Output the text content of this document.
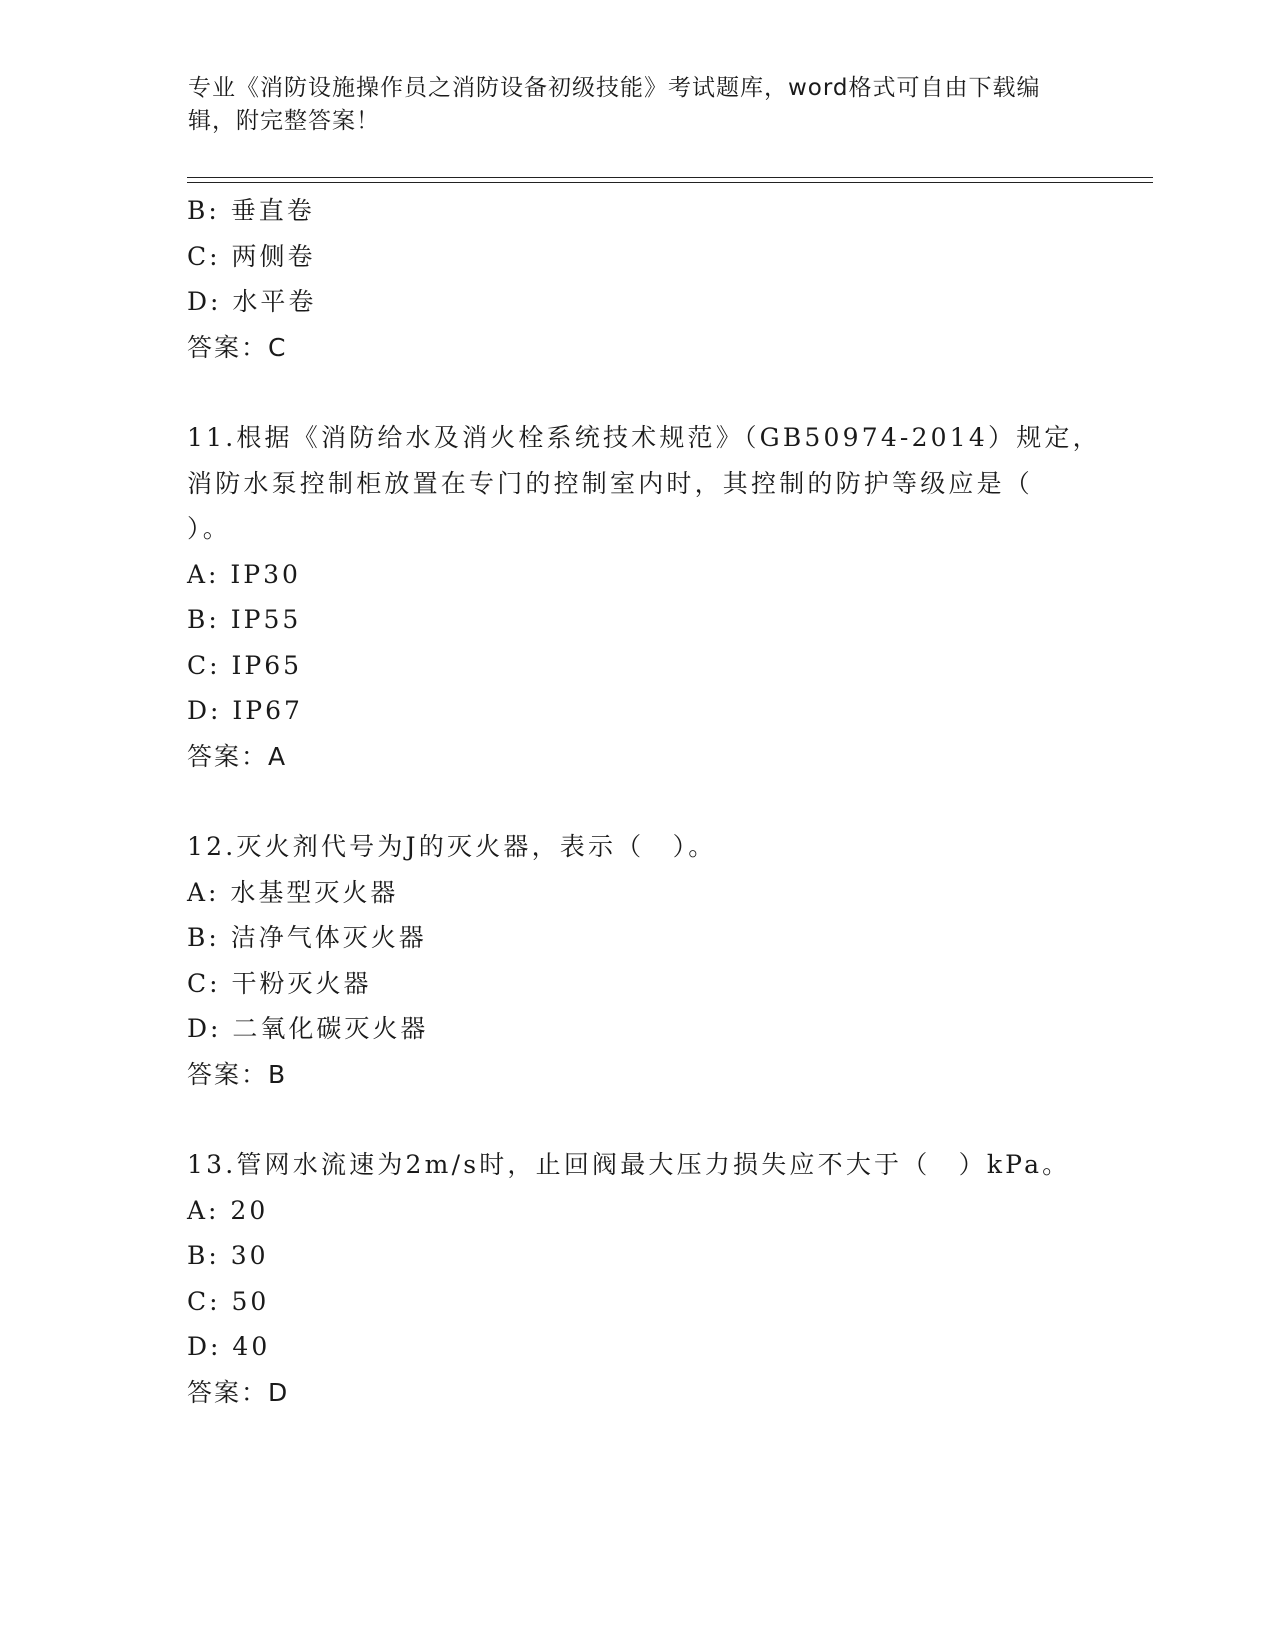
专业《消防设施操作员之消防设备初级技能》考试题库，word格式可自由下载编
辑，附完整答案！
B: 垂直卷
C: 两侧卷
D: 水平卷
答案：C
11.根据《消防给水及消火栓系统技术规范》（GB50974-2014）规定，
消防水泵控制柜放置在专门的控制室内时，其控制的防护等级应是（
）。
A: IP30
B: IP55
C: IP65
D: IP67
答案：A
12.灭火剂代号为J的灭火器，表示（　）。
A: 水基型灭火器
B: 洁净气体灭火器
C: 干粉灭火器
D: 二氧化碳灭火器
答案：B
13.管网水流速为2m/s时，止回阀最大压力损失应不大于（　）kPa。
A: 20
B: 30
C: 50
D: 40
答案：D
